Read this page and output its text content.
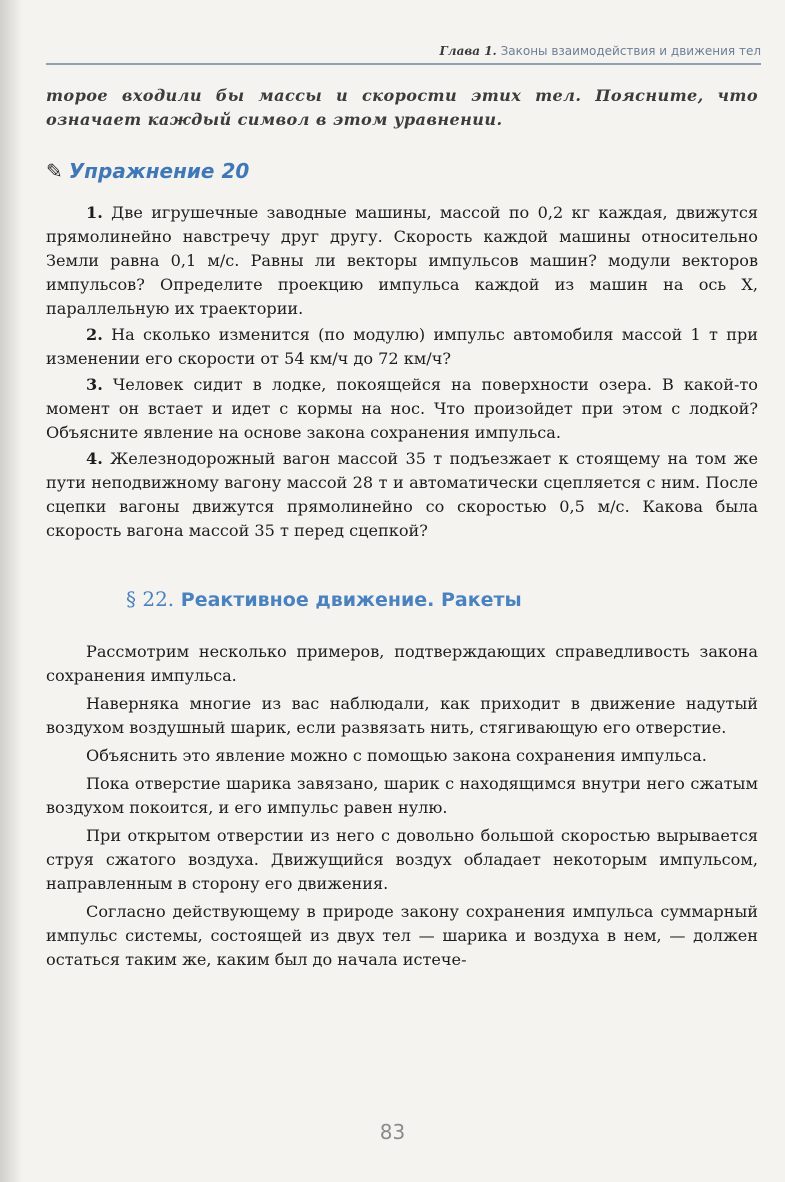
Глава 1. Законы взаимодействия и движения тел

торое входили бы массы и скорости этих тел. Поясните, что означает каждый символ в этом уравнении.

✎ Упражнение 20

1. Две игрушечные заводные машины, массой по 0,2 кг каждая, движутся прямолинейно навстречу друг другу. Скорость каждой машины относительно Земли равна 0,1 м/с. Равны ли векторы импульсов машин? модули векторов импульсов? Определите проекцию импульса каждой из машин на ось X, параллельную их траектории.

2. На сколько изменится (по модулю) импульс автомобиля массой 1 т при изменении его скорости от 54 км/ч до 72 км/ч?

3. Человек сидит в лодке, покоящейся на поверхности озера. В какой-то момент он встает и идет с кормы на нос. Что произойдет при этом с лодкой? Объясните явление на основе закона сохранения импульса.

4. Железнодорожный вагон массой 35 т подъезжает к стоящему на том же пути неподвижному вагону массой 28 т и автоматически сцепляется с ним. После сцепки вагоны движутся прямолинейно со скоростью 0,5 м/с. Какова была скорость вагона массой 35 т перед сцепкой?

§ 22. Реактивное движение. Ракеты

Рассмотрим несколько примеров, подтверждающих справедливость закона сохранения импульса.

Наверняка многие из вас наблюдали, как приходит в движение надутый воздухом воздушный шарик, если развязать нить, стягивающую его отверстие.

Объяснить это явление можно с помощью закона сохранения импульса.

Пока отверстие шарика завязано, шарик с находящимся внутри него сжатым воздухом покоится, и его импульс равен нулю.

При открытом отверстии из него с довольно большой скоростью вырывается струя сжатого воздуха. Движущийся воздух обладает некоторым импульсом, направленным в сторону его движения.

Согласно действующему в природе закону сохранения импульса суммарный импульс системы, состоящей из двух тел — шарика и воздуха в нем, — должен остаться таким же, каким был до начала истече-

83
